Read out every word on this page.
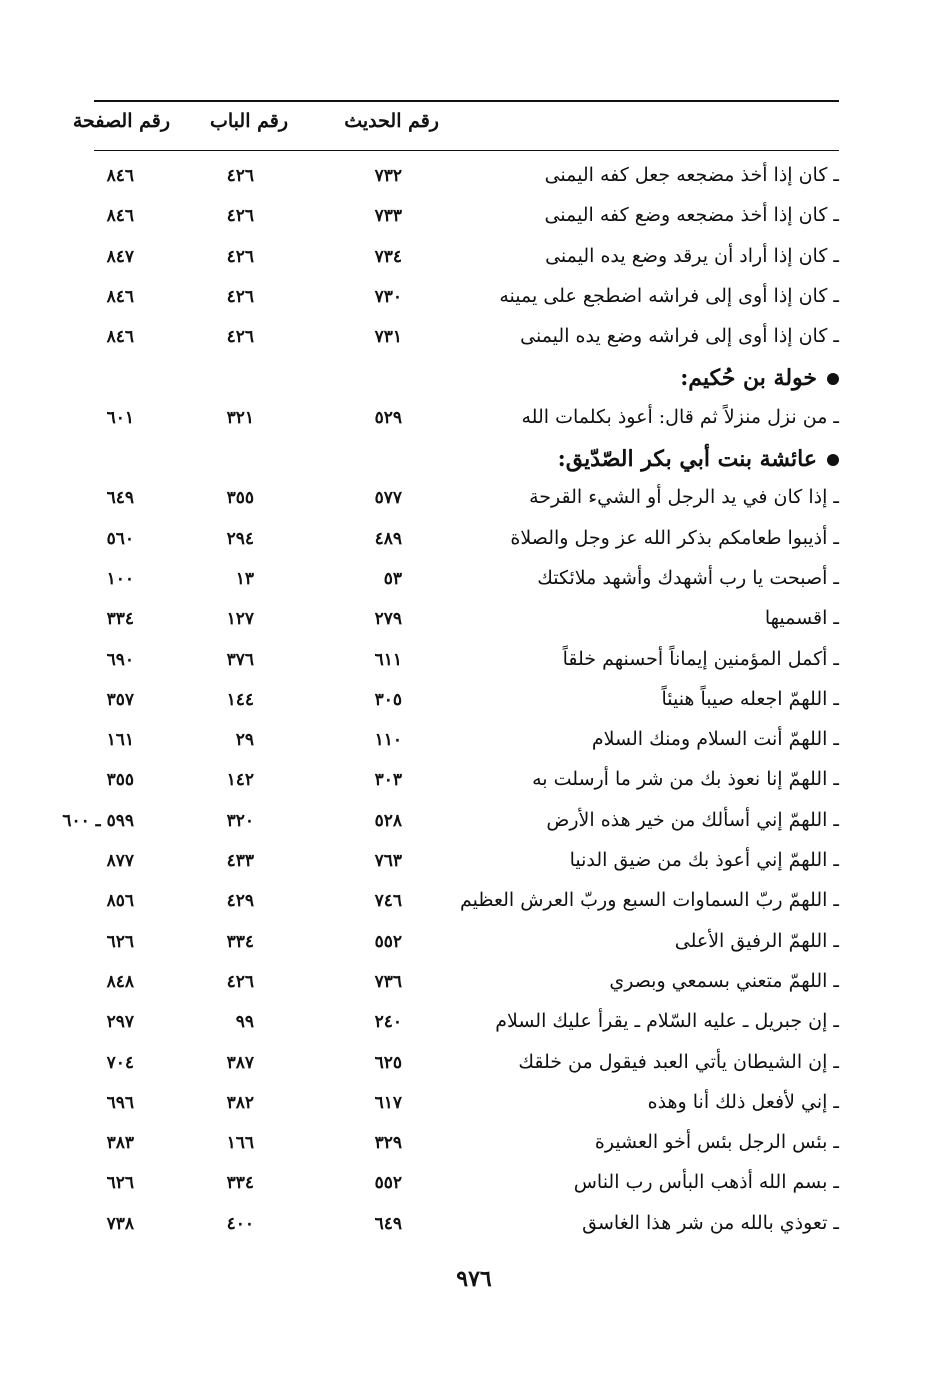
رقم الحديث
رقم الباب
رقم الصفحة
ـ كان إذا أخذ مضجعه جعل كفه اليمنى
٧٣٢
٤٢٦
٨٤٦
ـ كان إذا أخذ مضجعه وضع كفه اليمنى
٧٣٣
٤٢٦
٨٤٦
ـ كان إذا أراد أن يرقد وضع يده اليمنى
٧٣٤
٤٢٦
٨٤٧
ـ كان إذا أوى إلى فراشه اضطجع على يمينه
٧٣٠
٤٢٦
٨٤٦
ـ كان إذا أوى إلى فراشه وضع يده اليمنى
٧٣١
٤٢٦
٨٤٦
خولة بن حُكيم:
ـ من نزل منزلاً ثم قال: أعوذ بكلمات الله
٥٢٩
٣٢١
٦٠١
عائشة بنت أبي بكر الصّدّيق:
ـ إذا كان في يد الرجل أو الشيء القرحة
٥٧٧
٣٥٥
٦٤٩
ـ أذيبوا طعامكم بذكر الله عز وجل والصلاة
٤٨٩
٢٩٤
٥٦٠
ـ أصبحت يا رب أشهدك وأشهد ملائكتك
٥٣
١٣
١٠٠
ـ اقسميها
٢٧٩
١٢٧
٣٣٤
ـ أكمل المؤمنين إيماناً أحسنهم خلقاً
٦١١
٣٧٦
٦٩٠
ـ اللهمّ اجعله صيباً هنيئاً
٣٠٥
١٤٤
٣٥٧
ـ اللهمّ أنت السلام ومنك السلام
١١٠
٢٩
١٦١
ـ اللهمّ إنا نعوذ بك من شر ما أرسلت به
٣٠٣
١٤٢
٣٥٥
ـ اللهمّ إني أسألك من خير هذه الأرض
٥٢٨
٣٢٠
٥٩٩ ـ ٦٠٠
ـ اللهمّ إني أعوذ بك من ضيق الدنيا
٧٦٣
٤٣٣
٨٧٧
ـ اللهمّ ربّ السماوات السبع وربّ العرش العظيم
٧٤٦
٤٢٩
٨٥٦
ـ اللهمّ الرفيق الأعلى
٥٥٢
٣٣٤
٦٢٦
ـ اللهمّ متعني بسمعي وبصري
٧٣٦
٤٢٦
٨٤٨
ـ إن جبريل ـ عليه السّلام ـ يقرأ عليك السلام
٢٤٠
٩٩
٢٩٧
ـ إن الشيطان يأتي العبد فيقول من خلقك
٦٢٥
٣٨٧
٧٠٤
ـ إني لأفعل ذلك أنا وهذه
٦١٧
٣٨٢
٦٩٦
ـ بئس الرجل بئس أخو العشيرة
٣٢٩
١٦٦
٣٨٣
ـ بسم الله أذهب البأس رب الناس
٥٥٢
٣٣٤
٦٢٦
ـ تعوذي بالله من شر هذا الغاسق
٦٤٩
٤٠٠
٧٣٨
٩٧٦
